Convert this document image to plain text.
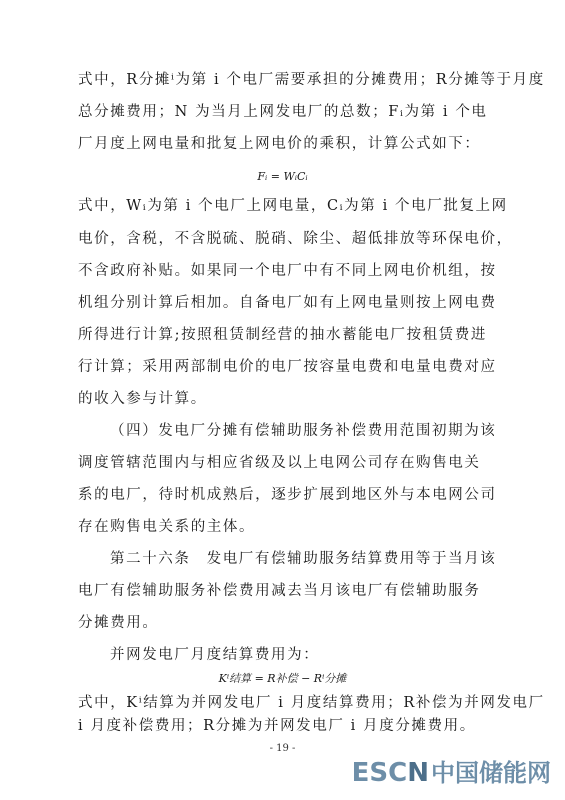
式中，R分摊ⁱ为第 i 个电厂需要承担的分摊费用；R分摊等于月度
总分摊费用；N 为当月上网发电厂的总数；Fᵢ为第 i 个电
厂月度上网电量和批复上网电价的乘积，计算公式如下：
Fᵢ = WᵢCᵢ
式中，Wᵢ为第 i 个电厂上网电量，Cᵢ为第 i 个电厂批复上网
电价，含税，不含脱硫、脱硝、除尘、超低排放等环保电价，
不含政府补贴。如果同一个电厂中有不同上网电价机组，按
机组分别计算后相加。自备电厂如有上网电量则按上网电费
所得进行计算;按照租赁制经营的抽水蓄能电厂按租赁费进
行计算；采用两部制电价的电厂按容量电费和电量电费对应
的收入参与计算。
（四）发电厂分摊有偿辅助服务补偿费用范围初期为该
调度管辖范围内与相应省级及以上电网公司存在购售电关
系的电厂，待时机成熟后，逐步扩展到地区外与本电网公司
存在购售电关系的主体。
第二十六条　发电厂有偿辅助服务结算费用等于当月该
电厂有偿辅助服务补偿费用减去当月该电厂有偿辅助服务
分摊费用。
并网发电厂月度结算费用为：
Kⁱ结算 = R补偿 − Rⁱ分摊
式中，Kⁱ结算为并网发电厂 i 月度结算费用；R补偿为并网发电厂
i 月度补偿费用；R分摊为并网发电厂 i 月度分摊费用。
- 19 -
ESCN中国储能网
